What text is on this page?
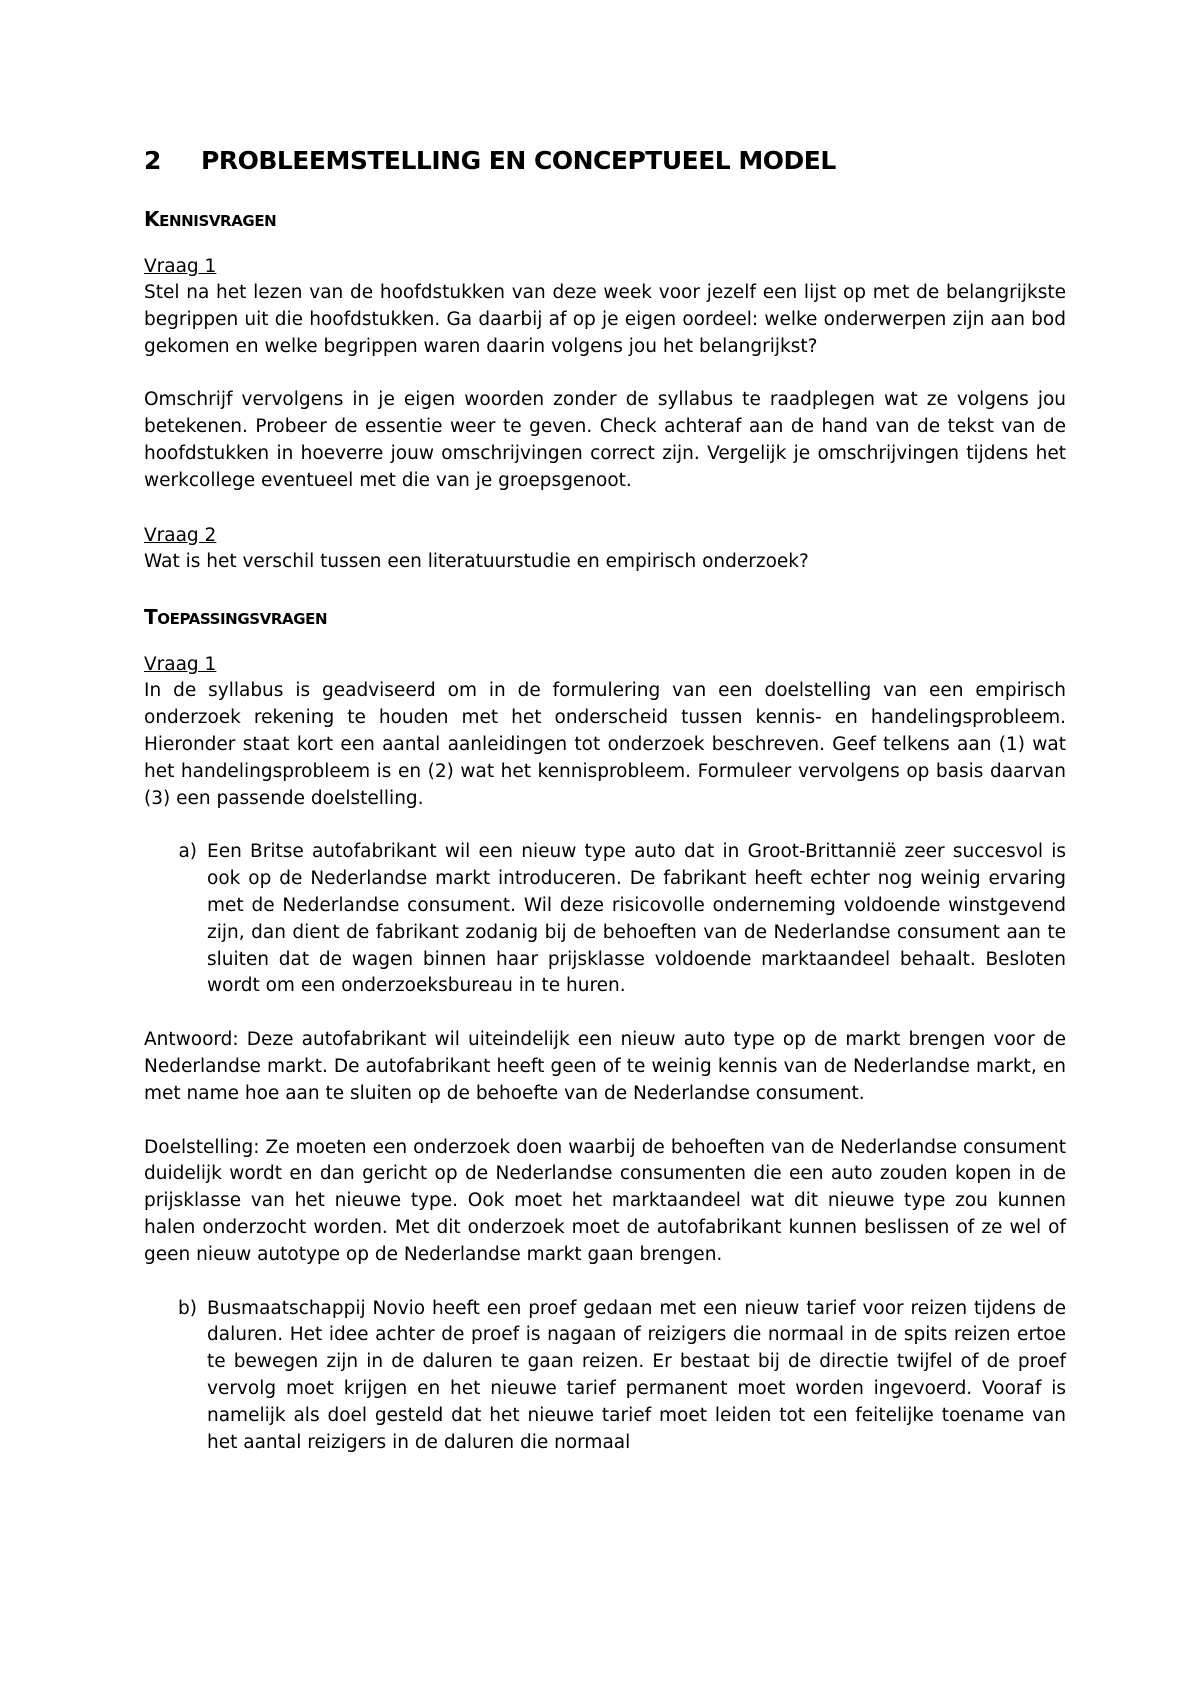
2 PROBLEEMSTELLING EN CONCEPTUEEL MODEL
KENNISVRAGEN
Vraag 1

Stel na het lezen van de hoofdstukken van deze week voor jezelf een lijst op met de belangrijkste begrippen uit die hoofdstukken. Ga daarbij af op je eigen oordeel: welke onderwerpen zijn aan bod gekomen en welke begrippen waren daarin volgens jou het belangrijkst?

Omschrijf vervolgens in je eigen woorden zonder de syllabus te raadplegen wat ze volgens jou betekenen. Probeer de essentie weer te geven. Check achteraf aan de hand van de tekst van de hoofdstukken in hoeverre jouw omschrijvingen correct zijn. Vergelijk je omschrijvingen tijdens het werkcollege eventueel met die van je groepsgenoot.

Vraag 2

Wat is het verschil tussen een literatuurstudie en empirisch onderzoek?

TOEPASSINGSVRAGEN
Vraag 1

In de syllabus is geadviseerd om in de formulering van een doelstelling van een empirisch onderzoek rekening te houden met het onderscheid tussen kennis- en handelingsprobleem. Hieronder staat kort een aantal aanleidingen tot onderzoek beschreven. Geef telkens aan (1) wat het handelingsprobleem is en (2) wat het kennisprobleem. Formuleer vervolgens op basis daarvan (3) een passende doelstelling.

a) Een Britse autofabrikant wil een nieuw type auto dat in Groot-Brittannië zeer succesvol is ook op de Nederlandse markt introduceren. De fabrikant heeft echter nog weinig ervaring met de Nederlandse consument. Wil deze risicovolle onderneming voldoende winstgevend zijn, dan dient de fabrikant zodanig bij de behoeften van de Nederlandse consument aan te sluiten dat de wagen binnen haar prijsklasse voldoende marktaandeel behaalt. Besloten wordt om een onderzoeksbureau in te huren.

Antwoord: Deze autofabrikant wil uiteindelijk een nieuw auto type op de markt brengen voor de Nederlandse markt. De autofabrikant heeft geen of te weinig kennis van de Nederlandse markt, en met name hoe aan te sluiten op de behoefte van de Nederlandse consument.

Doelstelling: Ze moeten een onderzoek doen waarbij de behoeften van de Nederlandse consument duidelijk wordt en dan gericht op de Nederlandse consumenten die een auto zouden kopen in de prijsklasse van het nieuwe type. Ook moet het marktaandeel wat dit nieuwe type zou kunnen halen onderzocht worden. Met dit onderzoek moet de autofabrikant kunnen beslissen of ze wel of geen nieuw autotype op de Nederlandse markt gaan brengen.

b) Busmaatschappij Novio heeft een proef gedaan met een nieuw tarief voor reizen tijdens de daluren. Het idee achter de proef is nagaan of reizigers die normaal in de spits reizen ertoe te bewegen zijn in de daluren te gaan reizen. Er bestaat bij de directie twijfel of de proef vervolg moet krijgen en het nieuwe tarief permanent moet worden ingevoerd. Vooraf is namelijk als doel gesteld dat het nieuwe tarief moet leiden tot een feitelijke toename van het aantal reizigers in de daluren die normaal
